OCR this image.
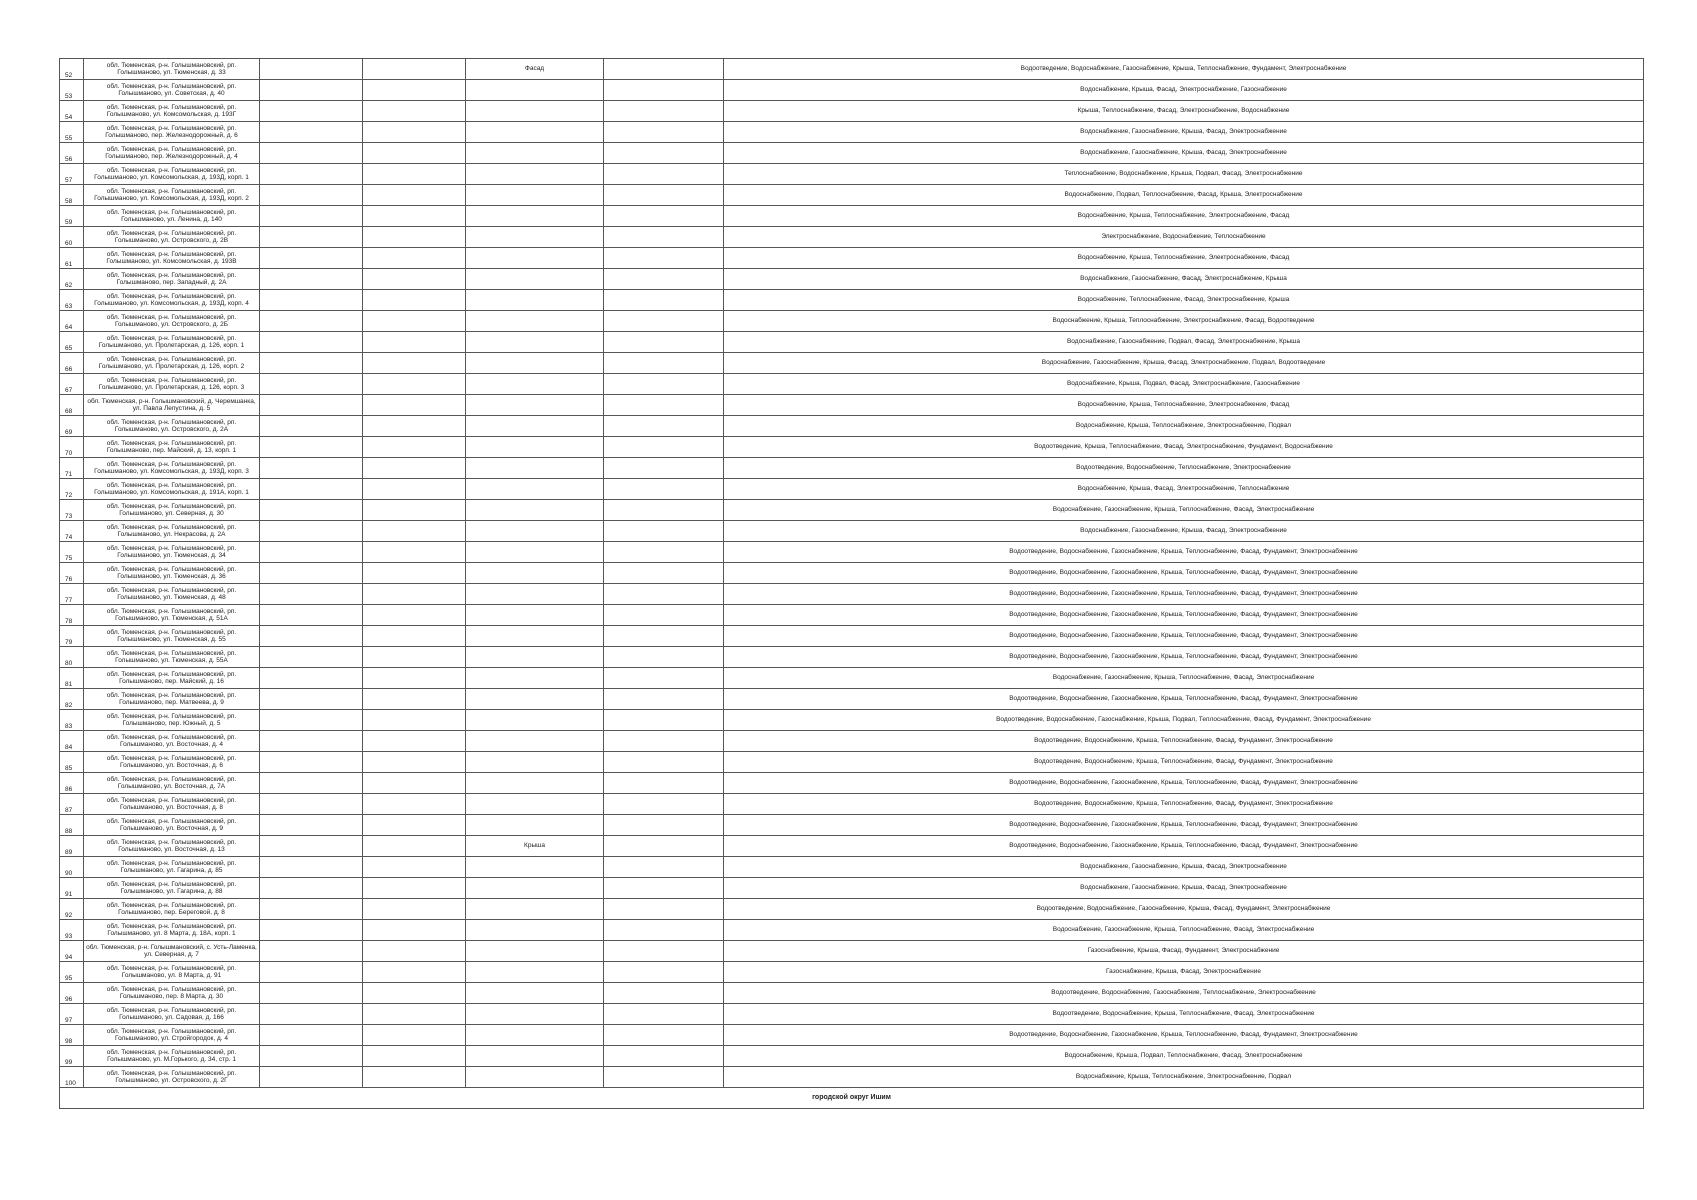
52	обл. Тюменская, р-н. Голышмановский, рп. Голышманово, ул. Тюменская, д. 33			Фасад		Водоотведение, Водоснабжение, Газоснабжение, Крыша, Теплоснабжение, Фундамент, Электроснабжение
53	обл. Тюменская, р-н. Голышмановский, рп. Голышманово, ул. Советская, д. 40					Водоснабжение, Крыша, Фасад, Электроснабжение, Газоснабжение
54	обл. Тюменская, р-н. Голышмановский, рп. Голышманово, ул. Комсомольская, д. 193Г					Крыша, Теплоснабжение, Фасад, Электроснабжение, Водоснабжение
55	обл. Тюменская, р-н. Голышмановский, рп. Голышманово, пер. Железнодорожный, д. 6					Водоснабжение, Газоснабжение, Крыша, Фасад, Электроснабжение
56	обл. Тюменская, р-н. Голышмановский, рп. Голышманово, пер. Железнодорожный, д. 4					Водоснабжение, Газоснабжение, Крыша, Фасад, Электроснабжение
57	обл. Тюменская, р-н. Голышмановский, рп. Голышманово, ул. Комсомольская, д. 193Д, корп. 1					Теплоснабжение, Водоснабжение, Крыша, Подвал, Фасад, Электроснабжение
58	обл. Тюменская, р-н. Голышмановский, рп. Голышманово, ул. Комсомольская, д. 193Д, корп. 2					Водоснабжение, Подвал, Теплоснабжение, Фасад, Крыша, Электроснабжение
59	обл. Тюменская, р-н. Голышмановский, рп. Голышманово, ул. Ленина, д. 140					Водоснабжение, Крыша, Теплоснабжение, Электроснабжение, Фасад
60	обл. Тюменская, р-н. Голышмановский, рп. Голышманово, ул. Островского, д. 2В					Электроснабжение, Водоснабжение, Теплоснабжение
61	обл. Тюменская, р-н. Голышмановский, рп. Голышманово, ул. Комсомольская, д. 193В					Водоснабжение, Крыша, Теплоснабжение, Электроснабжение, Фасад
62	обл. Тюменская, р-н. Голышмановский, рп. Голышманово, пер. Западный, д. 2А					Водоснабжение, Газоснабжение, Фасад, Электроснабжение, Крыша
63	обл. Тюменская, р-н. Голышмановский, рп. Голышманово, ул. Комсомольская, д. 193Д, корп. 4					Водоснабжение, Теплоснабжение, Фасад, Электроснабжение, Крыша
64	обл. Тюменская, р-н. Голышмановский, рп. Голышманово, ул. Островского, д. 2Б					Водоснабжение, Крыша, Теплоснабжение, Электроснабжение, Фасад, Водоотведение
65	обл. Тюменская, р-н. Голышмановский, рп. Голышманово, ул. Пролетарская, д. 126, корп. 1					Водоснабжение, Газоснабжение, Подвал, Фасад, Электроснабжение, Крыша
66	обл. Тюменская, р-н. Голышмановский, рп. Голышманово, ул. Пролетарская, д. 126, корп. 2					Водоснабжение, Газоснабжение, Крыша, Фасад, Электроснабжение, Подвал, Водоотведение
67	обл. Тюменская, р-н. Голышмановский, рп. Голышманово, ул. Пролетарская, д. 126, корп. 3					Водоснабжение, Крыша, Подвал, Фасад, Электроснабжение, Газоснабжение
68	обл. Тюменская, р-н. Голышмановский, д. Черемшанка, ул. Павла Лепустина, д. 5					Водоснабжение, Крыша, Теплоснабжение, Электроснабжение, Фасад
69	обл. Тюменская, р-н. Голышмановский, рп. Голышманово, ул. Островского, д. 2А					Водоснабжение, Крыша, Теплоснабжение, Электроснабжение, Подвал
70	обл. Тюменская, р-н. Голышмановский, рп. Голышманово, пер. Майский, д. 13, корп. 1					Водоотведение, Крыша, Теплоснабжение, Фасад, Электроснабжение, Фундамент, Водоснабжение
71	обл. Тюменская, р-н. Голышмановский, рп. Голышманово, ул. Комсомольская, д. 193Д, корп. 3					Водоотведение, Водоснабжение, Теплоснабжение, Электроснабжение
72	обл. Тюменская, р-н. Голышмановский, рп. Голышманово, ул. Комсомольская, д. 191А, корп. 1					Водоснабжение, Крыша, Фасад, Электроснабжение, Теплоснабжение
73	обл. Тюменская, р-н. Голышмановский, рп. Голышманово, ул. Северная, д. 30					Водоснабжение, Газоснабжение, Крыша, Теплоснабжение, Фасад, Электроснабжение
74	обл. Тюменская, р-н. Голышмановский, рп. Голышманово, ул. Некрасова, д. 2А					Водоснабжение, Газоснабжение, Крыша, Фасад, Электроснабжение
75	обл. Тюменская, р-н. Голышмановский, рп. Голышманово, ул. Тюменская, д. 34					Водоотведение, Водоснабжение, Газоснабжение, Крыша, Теплоснабжение, Фасад, Фундамент, Электроснабжение
76	обл. Тюменская, р-н. Голышмановский, рп. Голышманово, ул. Тюменская, д. 36					Водоотведение, Водоснабжение, Газоснабжение, Крыша, Теплоснабжение, Фасад, Фундамент, Электроснабжение
77	обл. Тюменская, р-н. Голышмановский, рп. Голышманово, ул. Тюменская, д. 48					Водоотведение, Водоснабжение, Газоснабжение, Крыша, Теплоснабжение, Фасад, Фундамент, Электроснабжение
78	обл. Тюменская, р-н. Голышмановский, рп. Голышманово, ул. Тюменская, д. 51А					Водоотведение, Водоснабжение, Газоснабжение, Крыша, Теплоснабжение, Фасад, Фундамент, Электроснабжение
79	обл. Тюменская, р-н. Голышмановский, рп. Голышманово, ул. Тюменская, д. 55					Водоотведение, Водоснабжение, Газоснабжение, Крыша, Теплоснабжение, Фасад, Фундамент, Электроснабжение
80	обл. Тюменская, р-н. Голышмановский, рп. Голышманово, ул. Тюменская, д. 55А					Водоотведение, Водоснабжение, Газоснабжение, Крыша, Теплоснабжение, Фасад, Фундамент, Электроснабжение
81	обл. Тюменская, р-н. Голышмановский, рп. Голышманово, пер. Майский, д. 16					Водоснабжение, Газоснабжение, Крыша, Теплоснабжение, Фасад, Электроснабжение
82	обл. Тюменская, р-н. Голышмановский, рп. Голышманово, пер. Матвеева, д. 9					Водоотведение, Водоснабжение, Газоснабжение, Крыша, Теплоснабжение, Фасад, Фундамент, Электроснабжение
83	обл. Тюменская, р-н. Голышмановский, рп. Голышманово, пер. Южный, д. 5					Водоотведение, Водоснабжение, Газоснабжение, Крыша, Подвал, Теплоснабжение, Фасад, Фундамент, Электроснабжение
84	обл. Тюменская, р-н. Голышмановский, рп. Голышманово, ул. Восточная, д. 4					Водоотведение, Водоснабжение, Крыша, Теплоснабжение, Фасад, Фундамент, Электроснабжение
85	обл. Тюменская, р-н. Голышмановский, рп. Голышманово, ул. Восточная, д. 6					Водоотведение, Водоснабжение, Крыша, Теплоснабжение, Фасад, Фундамент, Электроснабжение
86	обл. Тюменская, р-н. Голышмановский, рп. Голышманово, ул. Восточная, д. 7А					Водоотведение, Водоснабжение, Газоснабжение, Крыша, Теплоснабжение, Фасад, Фундамент, Электроснабжение
87	обл. Тюменская, р-н. Голышмановский, рп. Голышманово, ул. Восточная, д. 8					Водоотведение, Водоснабжение, Крыша, Теплоснабжение, Фасад, Фундамент, Электроснабжение
88	обл. Тюменская, р-н. Голышмановский, рп. Голышманово, ул. Восточная, д. 9					Водоотведение, Водоснабжение, Газоснабжение, Крыша, Теплоснабжение, Фасад, Фундамент, Электроснабжение
89	обл. Тюменская, р-н. Голышмановский, рп. Голышманово, ул. Восточная, д. 13			Крыша		Водоотведение, Водоснабжение, Газоснабжение, Крыша, Теплоснабжение, Фасад, Фундамент, Электроснабжение
90	обл. Тюменская, р-н. Голышмановский, рп. Голышманово, ул. Гагарина, д. 85					Водоснабжение, Газоснабжение, Крыша, Фасад, Электроснабжение
91	обл. Тюменская, р-н. Голышмановский, рп. Голышманово, ул. Гагарина, д. 88					Водоснабжение, Газоснабжение, Крыша, Фасад, Электроснабжение
92	обл. Тюменская, р-н. Голышмановский, рп. Голышманово, пер. Береговой, д. 8					Водоотведение, Водоснабжение, Газоснабжение, Крыша, Фасад, Фундамент, Электроснабжение
93	обл. Тюменская, р-н. Голышмановский, рп. Голышманово, ул. 8 Марта, д. 18А, корп. 1					Водоснабжение, Газоснабжение, Крыша, Теплоснабжение, Фасад, Электроснабжение
94	обл. Тюменская, р-н. Голышмановский, с. Усть-Ламенка, ул. Северная, д. 7					Газоснабжение, Крыша, Фасад, Фундамент, Электроснабжение
95	обл. Тюменская, р-н. Голышмановский, рп. Голышманово, ул. 8 Марта, д. 91					Газоснабжение, Крыша, Фасад, Электроснабжение
96	обл. Тюменская, р-н. Голышмановский, рп. Голышманово, пер. 8 Марта, д. 30					Водоотведение, Водоснабжение, Газоснабжение, Теплоснабжение, Электроснабжение
97	обл. Тюменская, р-н. Голышмановский, рп. Голышманово, ул. Садовая, д. 166					Водоотведение, Водоснабжение, Крыша, Теплоснабжение, Фасад, Электроснабжение
98	обл. Тюменская, р-н. Голышмановский, рп. Голышманово, ул. Стройгородок, д. 4					Водоотведение, Водоснабжение, Газоснабжение, Крыша, Теплоснабжение, Фасад, Фундамент, Электроснабжение
99	обл. Тюменская, р-н. Голышмановский, рп. Голышманово, ул. М.Горького, д. 34, стр. 1					Водоснабжение, Крыша, Подвал, Теплоснабжение, Фасад, Электроснабжение
100	обл. Тюменская, р-н. Голышмановский, рп. Голышманово, ул. Островского, д. 2Г					Водоснабжение, Крыша, Теплоснабжение, Электроснабжение, Подвал
городской округ Ишим						
